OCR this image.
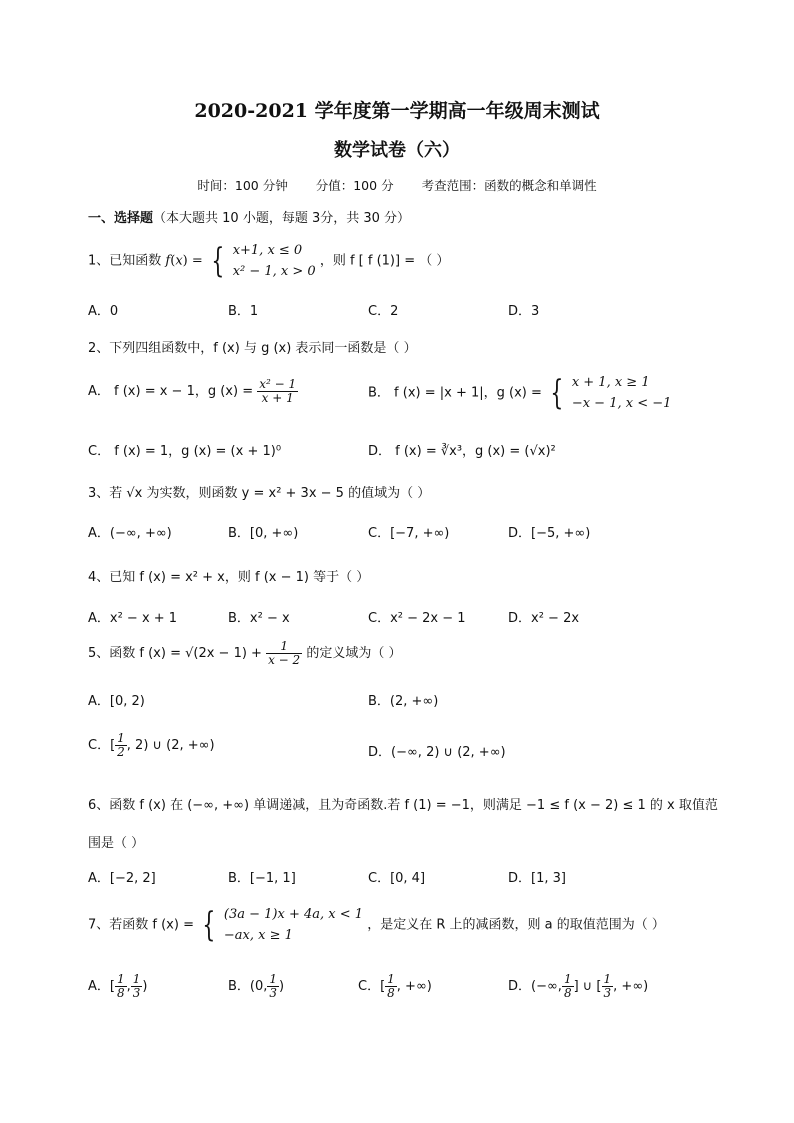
2020-2021 学年度第一学期高一年级周末测试
数学试卷（六）
时间：100 分钟 分值：100 分 考查范围：函数的概念和单调性
一、选择题（本大题共 10 小题，每题 3分，共 30 分）
1、已知函数 f(x) = { x+1, x ≤ 0
x² − 1, x > 0
，则 f [ f (1)] = （ ）
A．0	B．1	C．2	D．3
2、下列四组函数中，f (x) 与 g (x) 表示同一函数是（ ）
A． f (x) = x − 1，g $(x) = \frac{\text{x² − 1}}{x + 1}$	B． f (x) = |x + 1|，g (x) = { x + 1, x ≥ 1
−x − 1, x < −1
C． f (x) = 1，g (x) = (x + 1)⁰	D． f (x) = ∛x³，g (x) = (√x)²
3、若 √x 为实数，则函数 y = x² + 3x − 5 的值域为（ ）
A．(−∞, +∞)	B．[0, +∞)	C．[−7, +∞)	D．[−5, +∞)
4、已知 f (x) = x² + x，则 f (x − 1) 等于（ ）
A．x² − x + 1	B．x² − x	C．x² − 2x − 1	D．x² − 2x
5、函数 f $(x) = √(2x - 1) + \frac{1}{x - 2}$ 的定义域为（ ）
A．[0, 2)	B．(2, +∞)
C．[ $\frac{1}{2}$ , 2) ∪ (2, +∞)	D．(−∞, 2) ∪ (2, +∞)
6、函数 f (x) 在 (−∞, +∞) 单调递减，且为奇函数.若 f (1) = −1，则满足 −1 ≤ f (x − 2) ≤ 1 的 x 取值范
围是（ ）
A．[−2, 2]	B．[−1, 1]	C．[0, 4]	D．[1, 3]
7、若函数 f (x) = { (3a − 1)x + 4a, x < 1
−ax, x ≥ 1
，是定义在 R 上的减函数，则 a 的取值范围为（ ）
A．[ $\frac{1}{8}$ , $\frac{1}{3}$ )	B．(0, $\frac{1}{3}$ )	C．[ $\frac{1}{8}$ , +∞)	D．(−∞, $\frac{1}{8}$ ] ∪ [ $\frac{1}{3}$ , +∞)
